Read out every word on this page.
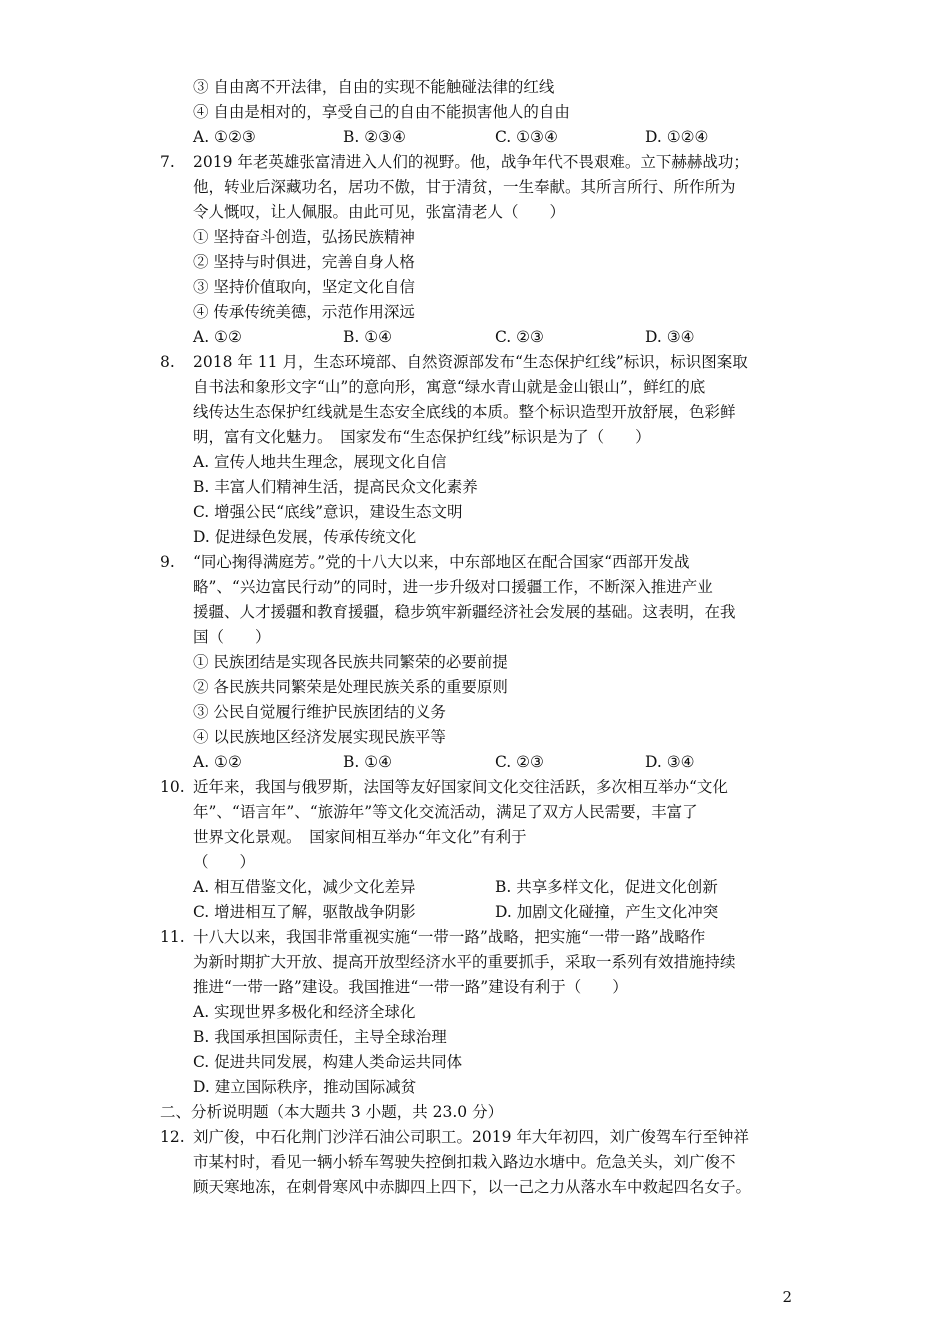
③ 自由离不开法律，自由的实现不能触碰法律的红线
④ 自由是相对的，享受自己的自由不能损害他人的自由
A. ①②③	B. ②③④	C. ①③④	D. ①②④
7. 2019 年老英雄张富清进入人们的视野。他，战争年代不畏艰难。立下赫赫战功；
他，转业后深藏功名，居功不傲，甘于清贫，一生奉献。其所言所行、所作所为
令人慨叹，让人佩服。由此可见，张富清老人（　　）
① 坚持奋斗创造，弘扬民族精神
② 坚持与时俱进，完善自身人格
③ 坚持价值取向，坚定文化自信
④ 传承传统美德，示范作用深远
A. ①②	B. ①④	C. ②③	D. ③④
8. 2018 年 11 月，生态环境部、自然资源部发布“生态保护红线”标识，标识图案取
自书法和象形文字“山”的意向形，寓意“绿水青山就是金山银山”，鲜红的底
线传达生态保护红线就是生态安全底线的本质。整个标识造型开放舒展，色彩鲜
明，富有文化魅力。　国家发布“生态保护红线”标识是为了（　　）
A. 宣传人地共生理念，展现文化自信
B. 丰富人们精神生活，提高民众文化素养
C. 增强公民“底线”意识，建设生态文明
D. 促进绿色发展，传承传统文化
9. “同心掬得满庭芳。”党的十八大以来，中东部地区在配合国家“西部开发战
略”、“兴边富民行动”的同时，进一步升级对口援疆工作，不断深入推进产业
援疆、人才援疆和教育援疆，稳步筑牢新疆经济社会发展的基础。这表明，在我
国（　　）
① 民族团结是实现各民族共同繁荣的必要前提
② 各民族共同繁荣是处理民族关系的重要原则
③ 公民自觉履行维护民族团结的义务
④ 以民族地区经济发展实现民族平等
A. ①②	B. ①④	C. ②③	D. ③④
10. 近年来，我国与俄罗斯，法国等友好国家间文化交往活跃，多次相互举办“文化
年”、“语言年”、“旅游年”等文化交流活动，满足了双方人民需要，丰富了
世界文化景观。　国家间相互举办“年文化”有利于
（　　）
A. 相互借鉴文化，减少文化差异	B. 共享多样文化，促进文化创新
C. 增进相互了解，驱散战争阴影	D. 加剧文化碰撞，产生文化冲突
11. 十八大以来，我国非常重视实施“一带一路”战略，把实施“一带一路”战略作
为新时期扩大开放、提高开放型经济水平的重要抓手，采取一系列有效措施持续
推进“一带一路”建设。我国推进“一带一路”建设有利于（　　）
A. 实现世界多极化和经济全球化
B. 我国承担国际责任，主导全球治理
C. 促进共同发展，构建人类命运共同体
D. 建立国际秩序，推动国际减贫
二、分析说明题（本大题共 3 小题，共 23.0 分）
12. 刘广俊，中石化荆门沙洋石油公司职工。2019 年大年初四，刘广俊驾车行至钟祥
市某村时，看见一辆小轿车驾驶失控倒扣栽入路边水塘中。危急关头，刘广俊不
顾天寒地冻，在刺骨寒风中赤脚四上四下，以一己之力从落水车中救起四名女子。
2
